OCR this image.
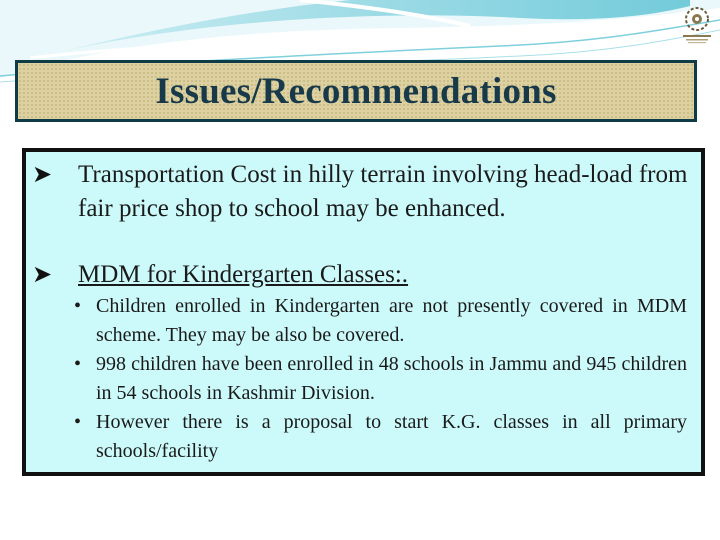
Issues/Recommendations
➤ Transportation Cost in hilly terrain involving head-load from fair price shop to school may be enhanced.
➤ MDM for Kindergarten Classes:.
• Children enrolled in Kindergarten are not presently covered in MDM scheme. They may be also be covered.
• 998 children have been enrolled in 48 schools in Jammu and 945 children in 54 schools in Kashmir Division.
• However there is a proposal to start K.G. classes in all primary schools/facility
